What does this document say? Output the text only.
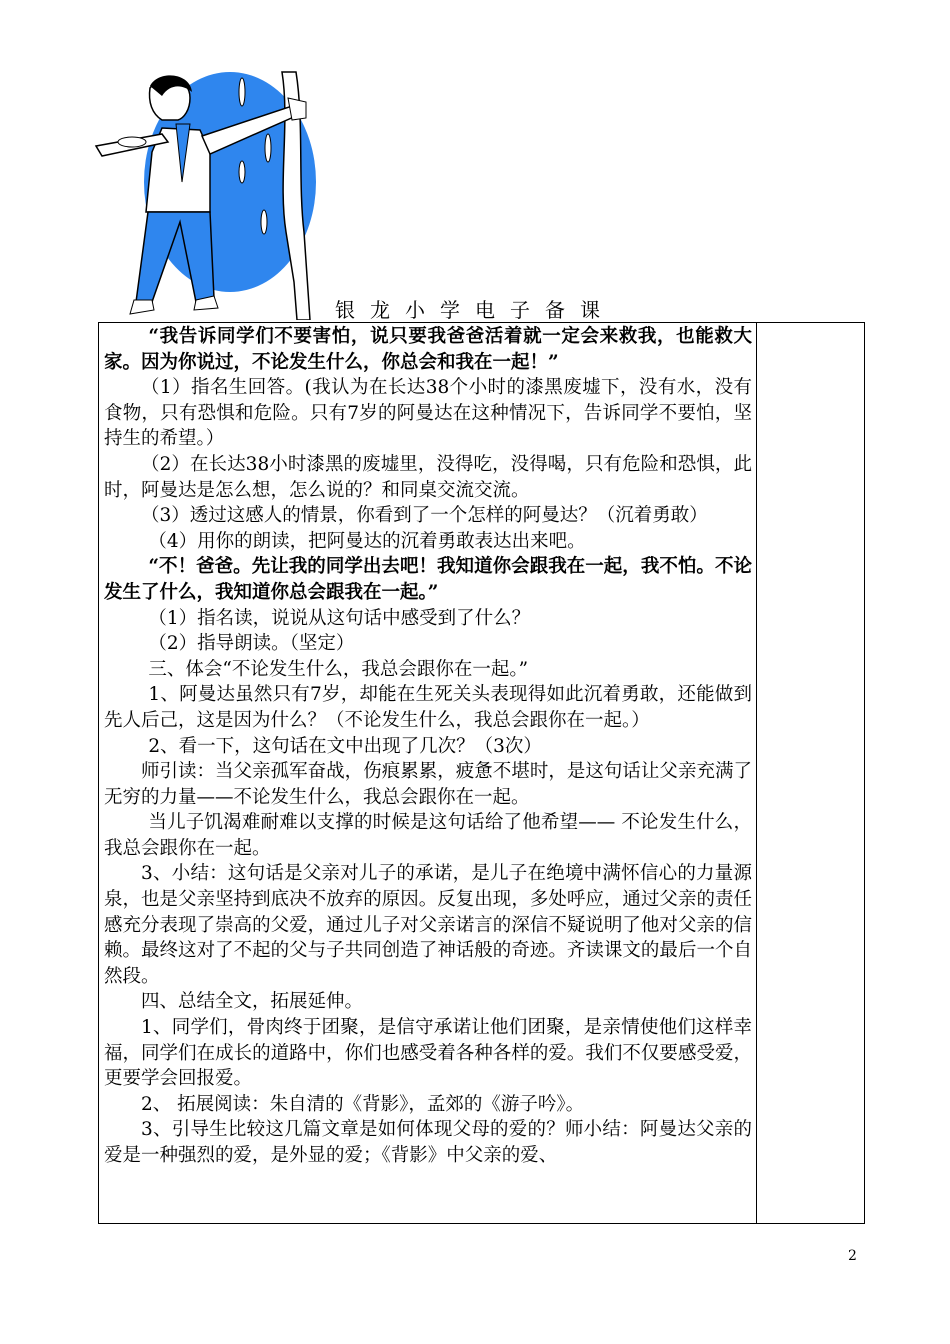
银龙小学电子备课

“我告诉同学们不要害怕，说只要我爸爸活着就一定会来救我，也能救大家。因为你说过，不论发生什么，你总会和我在一起！”

（1）指名生回答。(我认为在长达38个小时的漆黑废墟下，没有水，没有食物，只有恐惧和危险。只有7岁的阿曼达在这种情况下，告诉同学不要怕，坚持生的希望。）

（2）在长达38小时漆黑的废墟里，没得吃，没得喝，只有危险和恐惧，此时，阿曼达是怎么想，怎么说的？和同桌交流交流。

（3）透过这感人的情景，你看到了一个怎样的阿曼达？（沉着勇敢）

（4）用你的朗读，把阿曼达的沉着勇敢表达出来吧。

“不！爸爸。先让我的同学出去吧！我知道你会跟我在一起，我不怕。不论发生了什么，我知道你总会跟我在一起。”

（1）指名读，说说从这句话中感受到了什么？

（2）指导朗读。（坚定）

三、体会“不论发生什么，我总会跟你在一起。”

1、阿曼达虽然只有7岁，却能在生死关头表现得如此沉着勇敢，还能做到先人后己，这是因为什么？（不论发生什么，我总会跟你在一起。）

2、看一下，这句话在文中出现了几次？（3次）

师引读：当父亲孤军奋战，伤痕累累，疲惫不堪时，是这句话让父亲充满了无穷的力量——不论发生什么，我总会跟你在一起。

当儿子饥渴难耐难以支撑的时候是这句话给了他希望—— 不论发生什么，我总会跟你在一起。

3、小结：这句话是父亲对儿子的承诺，是儿子在绝境中满怀信心的力量源泉，也是父亲坚持到底决不放弃的原因。反复出现，多处呼应，通过父亲的责任感充分表现了崇高的父爱，通过儿子对父亲诺言的深信不疑说明了他对父亲的信赖。最终这对了不起的父与子共同创造了神话般的奇迹。齐读课文的最后一个自然段。

四、总结全文，拓展延伸。

1、同学们，骨肉终于团聚，是信守承诺让他们团聚，是亲情使他们这样幸福，同学们在成长的道路中，你们也感受着各种各样的爱。我们不仅要感受爱，更要学会回报爱。

2、 拓展阅读：朱自清的《背影》，孟郊的《游子吟》。

3、引导生比较这几篇文章是如何体现父母的爱的？师小结：阿曼达父亲的爱是一种强烈的爱，是外显的爱；《背影》中父亲的爱、

2
